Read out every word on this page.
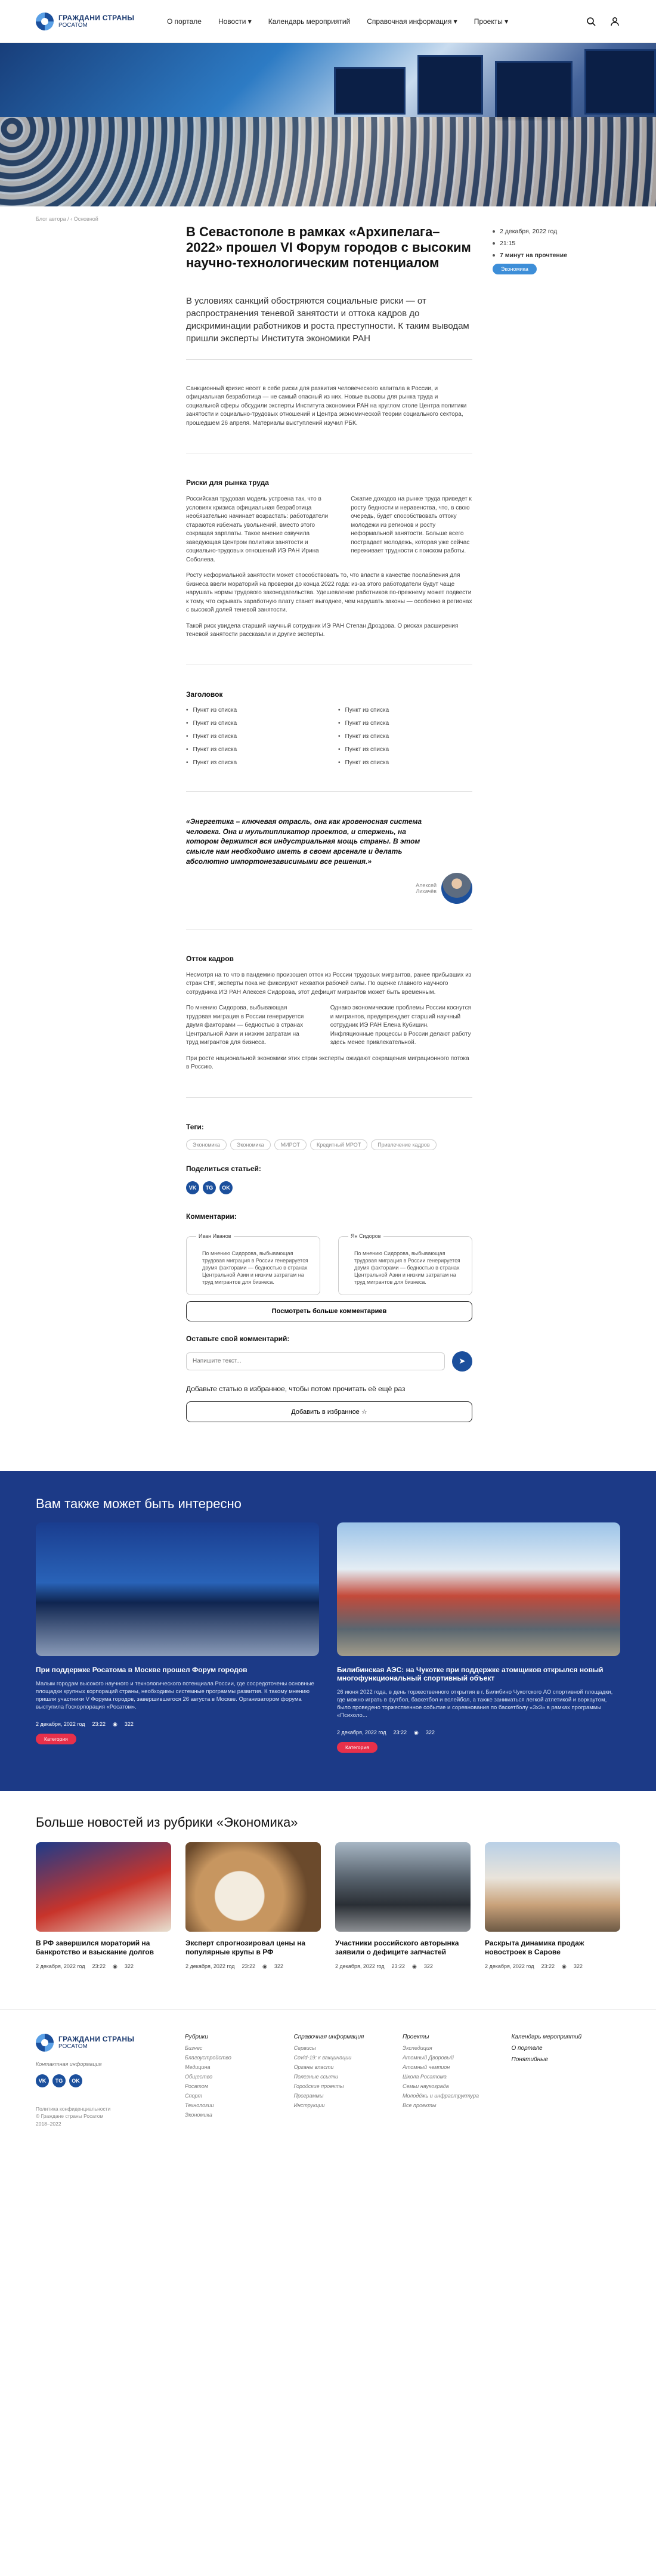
ГРАЖДАНИ СТРАНЫ
РОСАТОМ	О портале Новости ▾ Календарь мероприятий Справочная информация ▾ Проекты ▾
Блог автора / ‹ Основной
2 декабря, 2022 год
21:15
7 минут на прочтение
Экономика
В Севастополе в рамках «Архипелага–2022» прошел VI Форум городов с высоким научно-технологическим потенциалом
В условиях санкций обостряются социальные риски — от распространения теневой занятости и оттока кадров до дискриминации работников и роста преступности. К таким выводам пришли эксперты Института экономики РАН

Санкционный кризис несет в себе риски для развития человеческого капитала в России, и официальная безработица — не самый опасный из них. Новые вызовы для рынка труда и социальной сферы обсудили эксперты Института экономики РАН на круглом столе Центра политики занятости и социально-трудовых отношений и Центра экономической теории социального сектора, прошедшем 26 апреля. Материалы выступлений изучил РБК.

Риски для рынка труда

Российская трудовая модель устроена так, что в условиях кризиса официальная безработица необязательно начинает возрастать: работодатели стараются избежать увольнений, вместо этого сокращая зарплаты. Такое мнение озвучила заведующая Центром политики занятости и социально-трудовых отношений ИЭ РАН Ирина Соболева.

Сжатие доходов на рынке труда приведет к росту бедности и неравенства, что, в свою очередь, будет способствовать оттоку молодежи из регионов и росту неформальной занятости. Больше всего пострадает молодежь, которая уже сейчас переживает трудности с поиском работы.

Росту неформальной занятости может способствовать то, что власти в качестве послабления для бизнеса ввели мораторий на проверки до конца 2022 года: из-за этого работодатели будут чаще нарушать нормы трудового законодательства. Удешевление работников по-прежнему может подвести к тому, что скрывать заработную плату станет выгоднее, чем нарушать законы — особенно в регионах с высокой долей теневой занятости.

Такой риск увидела старший научный сотрудник ИЭ РАН Степан Дроздова. О рисках расширения теневой занятости рассказали и другие эксперты.

Заголовок
• Пункт из списка	• Пункт из списка
• Пункт из списка	• Пункт из списка
• Пункт из списка	• Пункт из списка
• Пункт из списка	• Пункт из списка
• Пункт из списка	• Пункт из списка
«Энергетика – ключевая отрасль, она как кровеносная система человека. Она и мультипликатор проектов, и стержень, на котором держится вся индустриальная мощь страны. В этом смысле нам необходимо иметь в своем арсенале и делать абсолютно импортонезависимыми все решения.»
Алексей Лихачёв
Отток кадров

Несмотря на то что в пандемию произошел отток из России трудовых мигрантов, ранее прибывших из стран СНГ, эксперты пока не фиксируют нехватки рабочей силы. По оценке главного научного сотрудника ИЭ РАН Алексея Сидорова, этот дефицит мигрантов может быть временным.

По мнению Сидорова, выбывающая трудовая миграция в России генерируется двумя факторами — бедностью в странах Центральной Азии и низким затратам на труд мигрантов для бизнеса.

Однако экономические проблемы России коснутся и мигрантов, предупреждает старший научный сотрудник ИЭ РАН Елена Кубишин. Инфляционные процессы в России делают работу здесь менее привлекательной.

При росте национальной экономики этих стран эксперты ожидают сокращения миграционного потока в Россию.

Теги:
Экономика	Экономика	МИРОТ	Кредитный МРОТ	Привлечение кадров
Поделиться статьей:
VK	TG	OK
Комментарии:
Иван Иванов
По мнению Сидорова, выбывающая трудовая миграция в России генерируется двумя факторами — бедностью в странах Центральной Азии и низким затратам на труд мигрантов для бизнеса.
Ян Сидоров
По мнению Сидорова, выбывающая трудовая миграция в России генерируется двумя факторами — бедностью в странах Центральной Азии и низким затратам на труд мигрантов для бизнеса.
Посмотреть больше комментариев
Оставьте свой комментарий:
Напишите текст...
➤
Добавьте статью в избранное, чтобы потом прочитать её ещё раз
Добавить в избранное ☆
Вам также может быть интересно
При поддержке Росатома в Москве прошел Форум городов
Малым городам высокого научного и технологического потенциала России, где сосредоточены основные площадки крупных корпораций страны, необходимы системные программы развития. К такому мнению пришли участники V Форума городов, завершившегося 26 августа в Москве. Организатором форума выступила Госкорпорация «Росатом».
2 декабря, 2022 год 23:22 ◉ 322
Категория
Билибинская АЭС: на Чукотке при поддержке атомщиков открылся новый многофункциональный спортивный объект
26 июня 2022 года, в день торжественного открытия в г. Билибино Чукотского АО спортивной площадки, где можно играть в футбол, баскетбол и волейбол, а также заниматься легкой атлетикой и воркаутом, было проведено торжественное событие и соревнования по баскетболу «3х3» в рамках программы «Психоло...
2 декабря, 2022 год 23:22 ◉ 322
Категория
Больше новостей из рубрики «Экономика»
В РФ завершился мораторий на банкротство и взыскание долгов
2 декабря, 2022 год 23:22 ◉ 322
Эксперт спрогнозировал цены на популярные крупы в РФ
2 декабря, 2022 год 23:22 ◉ 322
Участники российского авторынка заявили о дефиците запчастей
2 декабря, 2022 год 23:22 ◉ 322
Раскрыта динамика продаж новостроек в Сарове
2 декабря, 2022 год 23:22 ◉ 322
ГРАЖДАНИ СТРАНЫ
РОСАТОМ
Контактная информация
VK	TG	OK
Политика конфиденциальности
© Граждане страны Росатом
2018–2022
Рубрики
Бизнес
Благоустройство
Медицина
Общество
Росатом
Спорт
Технологии
Экономика
Справочная информация
Сервисы
Covid-19: к вакцинации
Органы власти
Полезные ссылки
Городские проекты
Программы
Инструкции
Проекты
Экспедиция
Атомный Дворовый
Атомный чемпион
Школа Росатома
Семьи наукограда
Молодёжь и инфраструктура
Все проекты
Календарь мероприятий
О портале
Понятийные
